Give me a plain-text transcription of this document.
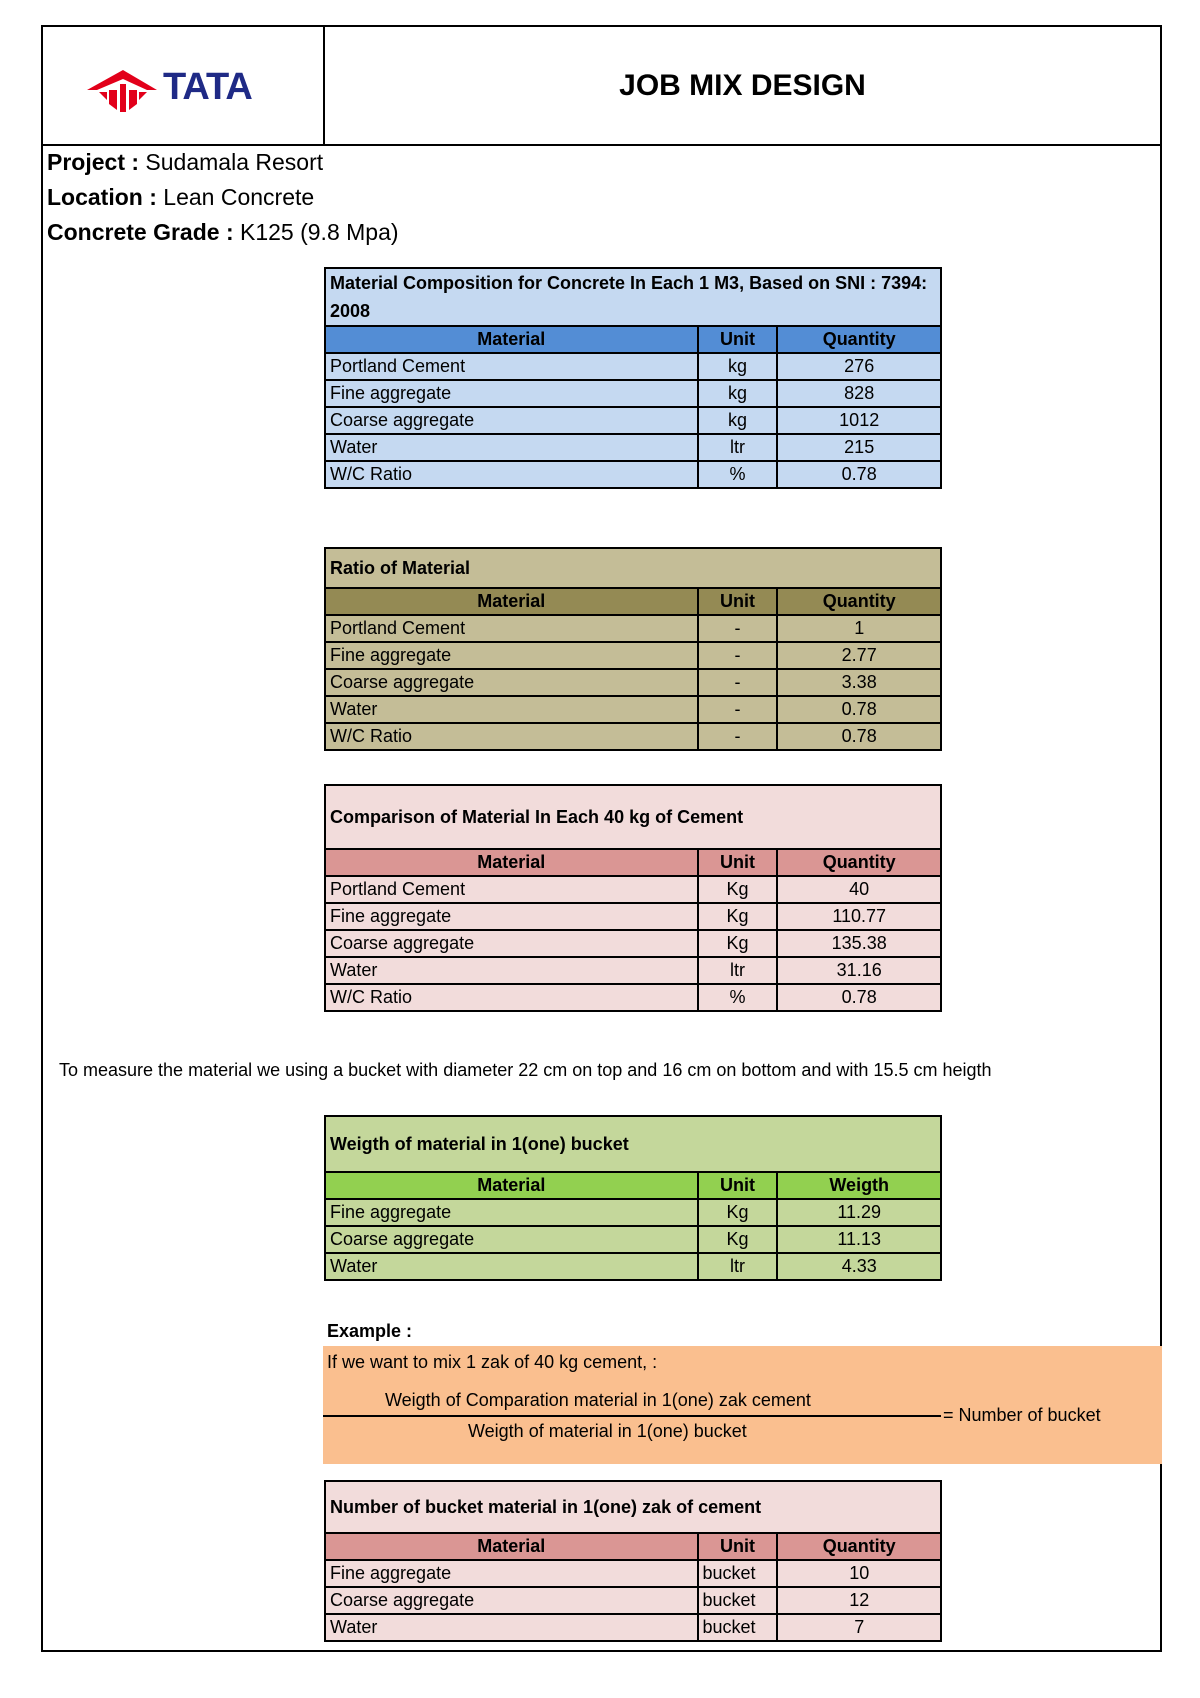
TATA	JOB MIX DESIGN
Project : Sudamala Resort
Location : Lean Concrete
Concrete Grade : K125 (9.8 Mpa)
Material Composition for Concrete In Each 1 M3, Based on SNI : 7394: 2008		
Material	Unit	Quantity
Portland Cement	kg	276
Fine aggregate	kg	828
Coarse aggregate	kg	1012
Water	ltr	215
W/C Ratio	%	0.78
Ratio of Material		
Material	Unit	Quantity
Portland Cement	-	1
Fine aggregate	-	2.77
Coarse aggregate	-	3.38
Water	-	0.78
W/C Ratio	-	0.78
Comparison of Material In Each 40 kg of Cement		
Material	Unit	Quantity
Portland Cement	Kg	40
Fine aggregate	Kg	110.77
Coarse aggregate	Kg	135.38
Water	ltr	31.16
W/C Ratio	%	0.78
To measure the material we using a bucket with diameter 22 cm on top and 16 cm on bottom and with 15.5 cm heigth
Weigth of material in 1(one) bucket		
Material	Unit	Weigth
Fine aggregate	Kg	11.29
Coarse aggregate	Kg	11.13
Water	ltr	4.33
Example :
If we want to mix 1 zak of 40 kg cement, :
Weigth of Comparation material in 1(one) zak cement
Weigth of material in 1(one) bucket
= Number of bucket
Number of bucket material in 1(one) zak of cement		
Material	Unit	Quantity
Fine aggregate	bucket	10
Coarse aggregate	bucket	12
Water	bucket	7
